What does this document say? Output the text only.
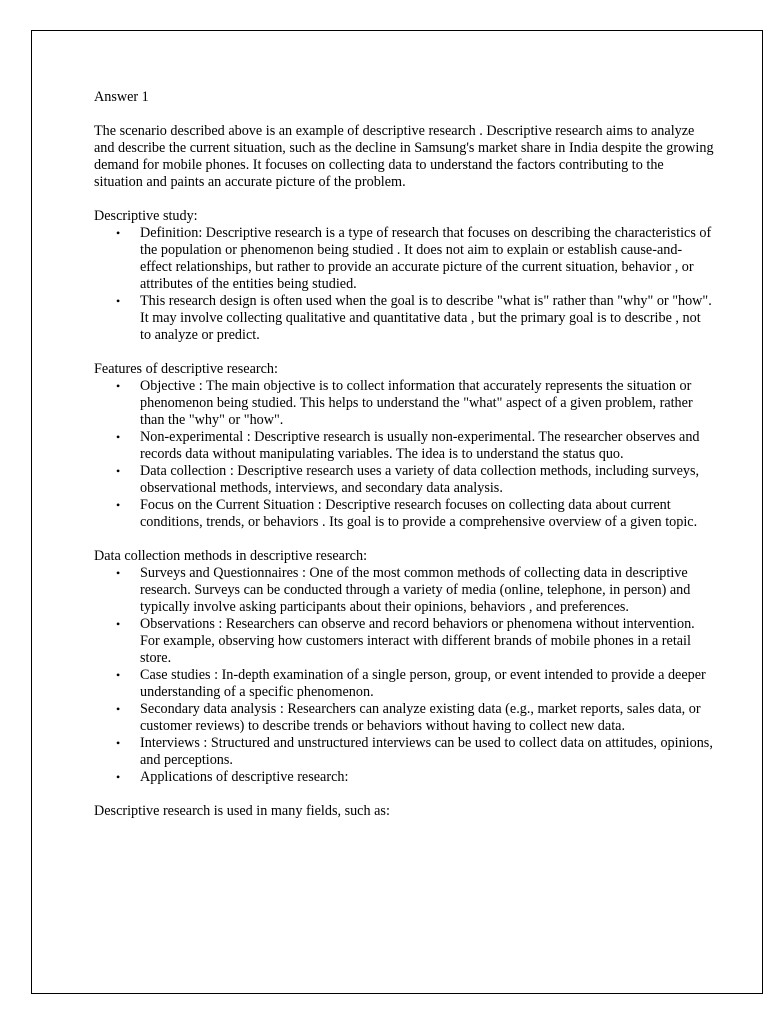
Answer 1

The scenario described above is an example of descriptive research . Descriptive research aims to analyze and describe the current situation, such as the decline in Samsung's market share in India despite the growing demand for mobile phones. It focuses on collecting data to understand the factors contributing to the situation and paints an accurate picture of the problem.

Descriptive study:

• Definition: Descriptive research is a type of research that focuses on describing the characteristics of the population or phenomenon being studied . It does not aim to explain or establish cause-and-effect relationships, but rather to provide an accurate picture of the current situation, behavior , or attributes of the entities being studied.
• This research design is often used when the goal is to describe "what is" rather than "why" or "how". It may involve collecting qualitative and quantitative data , but the primary goal is to describe , not to analyze or predict.

Features of descriptive research:

• Objective : The main objective is to collect information that accurately represents the situation or phenomenon being studied. This helps to understand the "what" aspect of a given problem, rather than the "why" or "how".
• Non-experimental : Descriptive research is usually non-experimental. The researcher observes and records data without manipulating variables. The idea is to understand the status quo.
• Data collection : Descriptive research uses a variety of data collection methods, including surveys, observational methods, interviews, and secondary data analysis.
• Focus on the Current Situation : Descriptive research focuses on collecting data about current conditions, trends, or behaviors . Its goal is to provide a comprehensive overview of a given topic.

Data collection methods in descriptive research:

• Surveys and Questionnaires : One of the most common methods of collecting data in descriptive research. Surveys can be conducted through a variety of media (online, telephone, in person) and typically involve asking participants about their opinions, behaviors , and preferences.
• Observations : Researchers can observe and record behaviors or phenomena without intervention. For example, observing how customers interact with different brands of mobile phones in a retail store.
• Case studies : In-depth examination of a single person, group, or event intended to provide a deeper understanding of a specific phenomenon.
• Secondary data analysis : Researchers can analyze existing data (e.g., market reports, sales data, or customer reviews) to describe trends or behaviors without having to collect new data.
• Interviews : Structured and unstructured interviews can be used to collect data on attitudes, opinions, and perceptions.
• Applications of descriptive research:

Descriptive research is used in many fields, such as:
